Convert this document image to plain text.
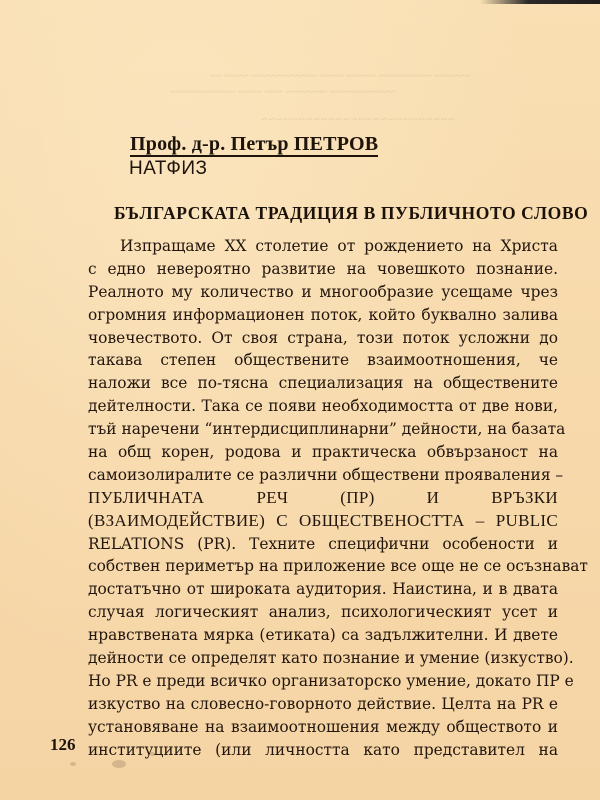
~~~~~~ ~~~~~~~~~ ~~~~~ ~~~~ ~~~~~~~~~~~ ~~~~ ~~
~~~~~~~~~~~ ~~~~~~~ ~~~ ~~~~ ~~~~~~~~~~~
~~~~~~~~~~~~~~~~~~~~~~~~~~
Проф. д-р. Петър ПЕТРОВ
НАТФИЗ
БЪЛГАРСКАТА ТРАДИЦИЯ В ПУБЛИЧНОТО СЛОВО
Изпращаме XX столетие от рождението на Христа
с едно невероятно развитие на човешкото познание.
Реалното му количество и многообразие усещаме чрез
огромния информационен поток, който буквално залива
човечеството. От своя страна, този поток усложни до
такава степен обществените взаимоотношения, че
наложи все по-тясна специализация на обществените
дейтелности. Така се появи необходимостта от две нови,
тъй наречени “интердисциплинарни” дейности, на базата
на общ корен, родова и практическа обвързаност на
самоизолиралите се различни обществени прояваления –
ПУБЛИЧНАТА РЕЧ (ПР) И ВРЪЗКИ
(ВЗАИМОДЕЙСТВИЕ) С ОБЩЕСТВЕНОСТТА – PUBLIC
RELATIONS (PR). Техните специфични особености и
собствен периметър на приложение все още не се осъзнават
достатъчно от широката аудитория. Наистина, и в двата
случая логическият анализ, психологическият усет и
нравствената мярка (етиката) са задължителни. И двете
дейности се определят като познание и умение (изкуство).
Но PR е преди всичко организаторско умение, докато ПР е
изкуство на словесно-говорното действие. Целта на PR е
установяване на взаимоотношения между обществото и
институциите (или личността като представител на
126
